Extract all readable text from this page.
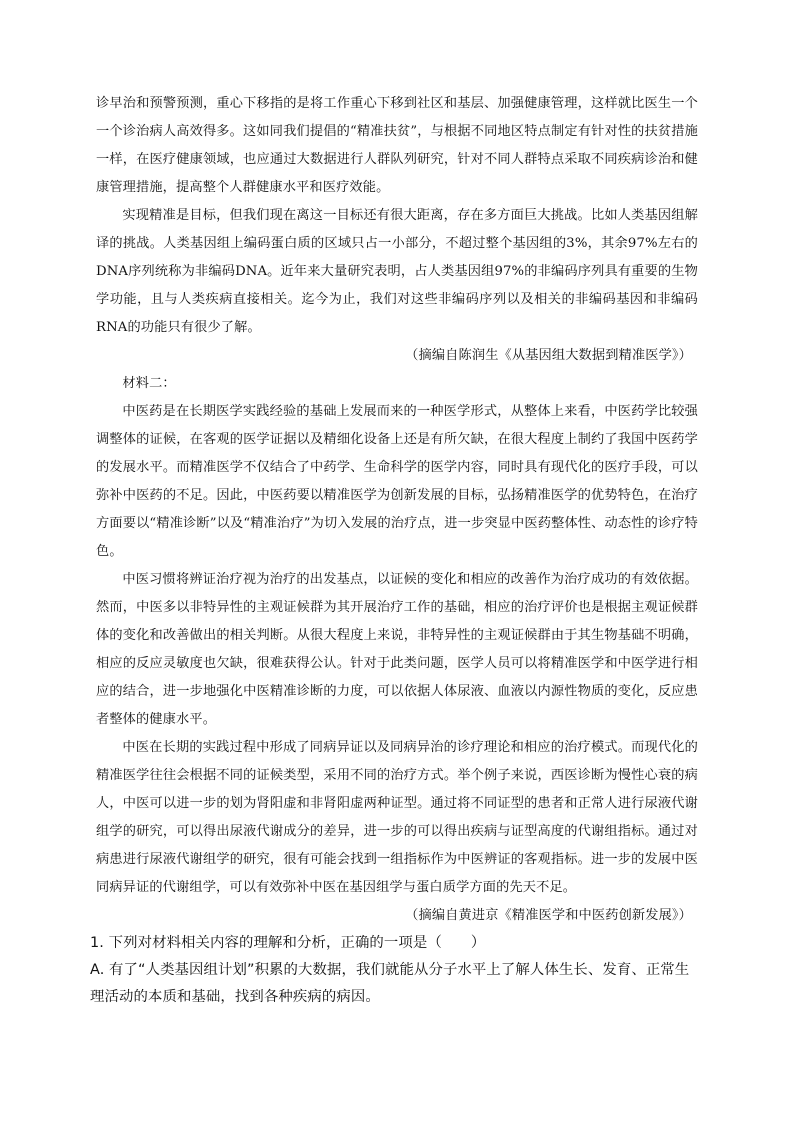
诊早治和预警预测，重心下移指的是将工作重心下移到社区和基层、加强健康管理，这样就比医生一个一个诊治病人高效得多。这如同我们提倡的“精准扶贫”，与根据不同地区特点制定有针对性的扶贫措施一样，在医疗健康领域，也应通过大数据进行人群队列研究，针对不同人群特点采取不同疾病诊治和健康管理措施，提高整个人群健康水平和医疗效能。

实现精准是目标，但我们现在离这一目标还有很大距离，存在多方面巨大挑战。比如人类基因组解译的挑战。人类基因组上编码蛋白质的区域只占一小部分，不超过整个基因组的3%，其余97%左右的DNA序列统称为非编码DNA。近年来大量研究表明，占人类基因组97%的非编码序列具有重要的生物学功能，且与人类疾病直接相关。迄今为止，我们对这些非编码序列以及相关的非编码基因和非编码RNA的功能只有很少了解。

（摘编自陈润生《从基因组大数据到精准医学》）

材料二：

中医药是在长期医学实践经验的基础上发展而来的一种医学形式，从整体上来看，中医药学比较强调整体的证候，在客观的医学证据以及精细化设备上还是有所欠缺，在很大程度上制约了我国中医药学的发展水平。而精准医学不仅结合了中药学、生命科学的医学内容，同时具有现代化的医疗手段，可以弥补中医药的不足。因此，中医药要以精准医学为创新发展的目标，弘扬精准医学的优势特色，在治疗方面要以“精准诊断”以及“精准治疗”为切入发展的治疗点，进一步突显中医药整体性、动态性的诊疗特色。

中医习惯将辨证治疗视为治疗的出发基点，以证候的变化和相应的改善作为治疗成功的有效依据。然而，中医多以非特异性的主观证候群为其开展治疗工作的基础，相应的治疗评价也是根据主观证候群体的变化和改善做出的相关判断。从很大程度上来说，非特异性的主观证候群由于其生物基础不明确，相应的反应灵敏度也欠缺，很难获得公认。针对于此类问题，医学人员可以将精准医学和中医学进行相应的结合，进一步地强化中医精准诊断的力度，可以依据人体尿液、血液以内源性物质的变化，反应患者整体的健康水平。

中医在长期的实践过程中形成了同病异证以及同病异治的诊疗理论和相应的治疗模式。而现代化的精准医学往往会根据不同的证候类型，采用不同的治疗方式。举个例子来说，西医诊断为慢性心衰的病人，中医可以进一步的划为肾阳虚和非肾阳虚两种证型。通过将不同证型的患者和正常人进行尿液代谢组学的研究，可以得出尿液代谢成分的差异，进一步的可以得出疾病与证型高度的代谢组指标。通过对病患进行尿液代谢组学的研究，很有可能会找到一组指标作为中医辨证的客观指标。进一步的发展中医同病异证的代谢组学，可以有效弥补中医在基因组学与蛋白质学方面的先天不足。

（摘编自黄进京《精准医学和中医药创新发展》）

1. 下列对材料相关内容的理解和分析，正确的一项是（　　）

A. 有了“人类基因组计划”积累的大数据，我们就能从分子水平上了解人体生长、发育、正常生理活动的本质和基础，找到各种疾病的病因。
